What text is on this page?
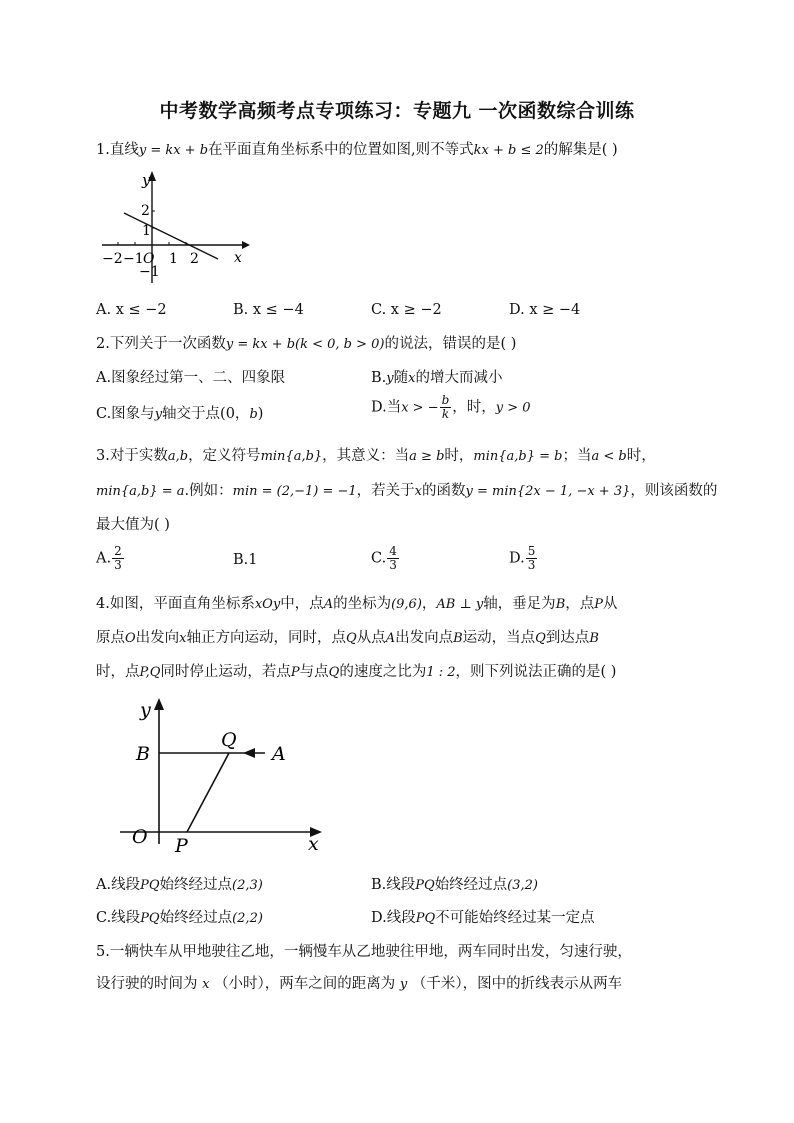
中考数学高频考点专项练习：专题九 一次函数综合训练
1.直线y = kx + b在平面直角坐标系中的位置如图,则不等式kx + b ≤ 2的解集是( )
y
x
2
1
−2 −1 O 1 2
−1
A. x ≤ −2	B. x ≤ −4	C. x ≥ −2	D. x ≥ −4
2.下列关于一次函数y = kx + b(k < 0, b > 0)的说法，错误的是( )
A.图象经过第一、二、四象限	B.y随x的增大而减小
C.图象与y轴交于点(0，b)	D.当x > − $\frac{b}{k}$ ，时，y > 0
3.对于实数a,b，定义符号min{a,b}，其意义：当a ≥ b时，min{a,b} = b；当a < b时，
min{a,b} = a.例如：min = (2,−1) = −1，若关于x的函数y = min{2x − 1, −x + 3}，则该函数的
最大值为( )
A. $\frac{2}{3}$	B.1	C. $\frac{4}{3}$	D. $\frac{5}{3}$
4.如图，平面直角坐标系xOy中，点A的坐标为(9,6)，AB ⊥ y轴，垂足为B，点P从
原点O出发向x轴正方向运动，同时，点Q从点A出发向点B运动，当点Q到达点B
时，点P,Q同时停止运动，若点P与点Q的速度之比为1 : 2，则下列说法正确的是( )
y
x
B
Q
A
O P
A.线段PQ始终经过点(2,3)	B.线段PQ始终经过点(3,2)
C.线段PQ始终经过点(2,2)	D.线段PQ不可能始终经过某一定点
5.一辆快车从甲地驶往乙地，一辆慢车从乙地驶往甲地，两车同时出发，匀速行驶，
设行驶的时间为 x （小时），两车之间的距离为 y （千米），图中的折线表示从两车
